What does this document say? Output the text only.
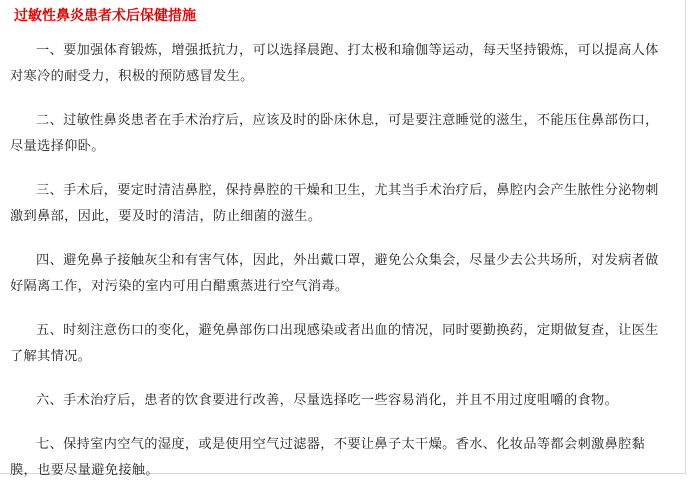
过敏性鼻炎患者术后保健措施

一、要加强体育锻炼，增强抵抗力，可以选择晨跑、打太极和瑜伽等运动，每天坚持锻炼，可以提高人体对寒冷的耐受力，积极的预防感冒发生。

二、过敏性鼻炎患者在手术治疗后，应该及时的卧床休息，可是要注意睡觉的滋生，不能压住鼻部伤口，尽量选择仰卧。

三、手术后，要定时清洁鼻腔，保持鼻腔的干燥和卫生，尤其当手术治疗后，鼻腔内会产生脓性分泌物刺激到鼻部，因此，要及时的清洁，防止细菌的滋生。

四、避免鼻子接触灰尘和有害气体，因此，外出戴口罩，避免公众集会，尽量少去公共场所，对发病者做好隔离工作，对污染的室内可用白醋熏蒸进行空气消毒。

五、时刻注意伤口的变化，避免鼻部伤口出现感染或者出血的情况，同时要勤换药，定期做复查，让医生了解其情况。

六、手术治疗后，患者的饮食要进行改善，尽量选择吃一些容易消化，并且不用过度咀嚼的食物。

七、保持室内空气的湿度，或是使用空气过滤器，不要让鼻子太干燥。香水、化妆品等都会刺激鼻腔黏膜，也要尽量避免接触。
